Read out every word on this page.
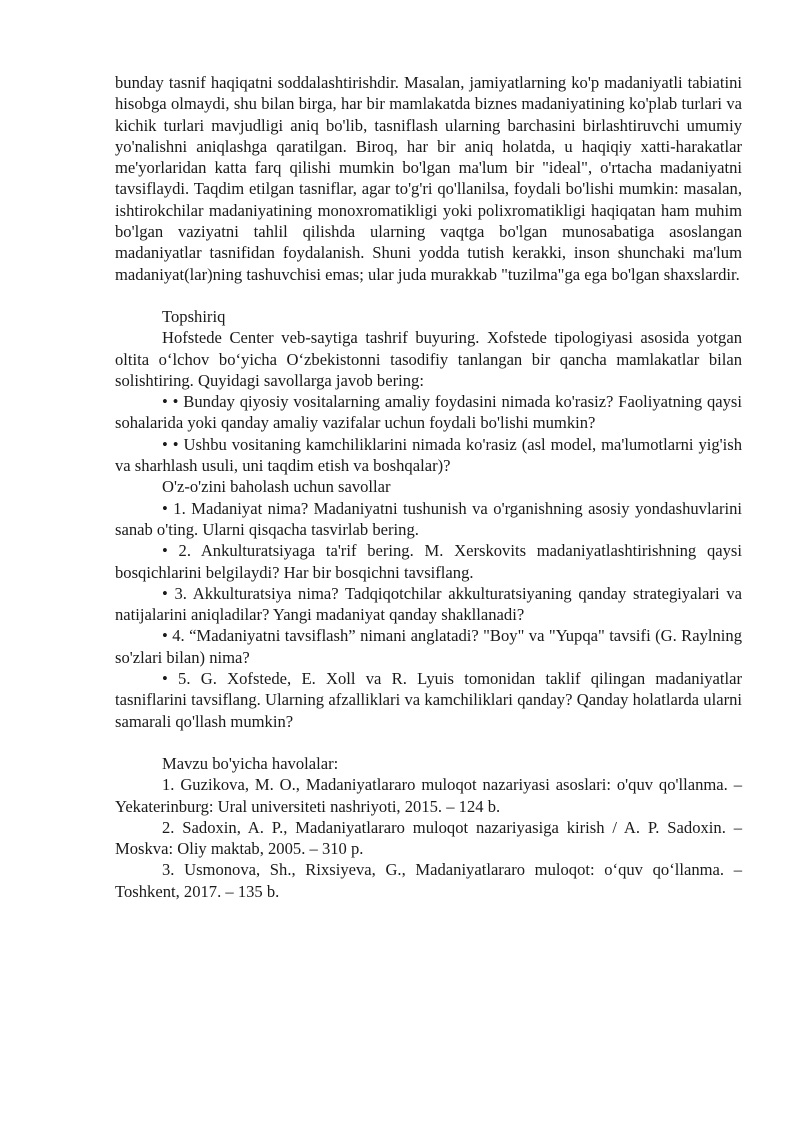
bunday tasnif haqiqatni soddalashtirishdir. Masalan, jamiyatlarning ko'p madaniyatli tabiatini hisobga olmaydi, shu bilan birga, har bir mamlakatda biznes madaniyatining ko'plab turlari va kichik turlari mavjudligi aniq bo'lib, tasniflash ularning barchasini birlashtiruvchi umumiy yo'nalishni aniqlashga qaratilgan. Biroq, har bir aniq holatda, u haqiqiy xatti-harakatlar me'yorlaridan katta farq qilishi mumkin bo'lgan ma'lum bir "ideal", o'rtacha madaniyatni tavsiflaydi. Taqdim etilgan tasniflar, agar to'g'ri qo'llanilsa, foydali bo'lishi mumkin: masalan, ishtirokchilar madaniyatining monoxromatikligi yoki polixromatikligi haqiqatan ham muhim bo'lgan vaziyatni tahlil qilishda ularning vaqtga bo'lgan munosabatiga asoslangan madaniyatlar tasnifidan foydalanish. Shuni yodda tutish kerakki, inson shunchaki ma'lum madaniyat(lar)ning tashuvchisi emas; ular juda murakkab "tuzilma"ga ega bo'lgan shaxslardir.

Topshiriq

Hofstede Center veb-saytiga tashrif buyuring. Xofstede tipologiyasi asosida yotgan oltita o‘lchov bo‘yicha O‘zbekistonni tasodifiy tanlangan bir qancha mamlakatlar bilan solishtiring. Quyidagi savollarga javob bering:

• • Bunday qiyosiy vositalarning amaliy foydasini nimada ko'rasiz? Faoliyatning qaysi sohalarida yoki qanday amaliy vazifalar uchun foydali bo'lishi mumkin?

• • Ushbu vositaning kamchiliklarini nimada ko'rasiz (asl model, ma'lumotlarni yig'ish va sharhlash usuli, uni taqdim etish va boshqalar)?

O'z-o'zini baholash uchun savollar

• 1. Madaniyat nima? Madaniyatni tushunish va o'rganishning asosiy yondashuvlarini sanab o'ting. Ularni qisqacha tasvirlab bering.

• 2. Ankulturatsiyaga ta'rif bering. M. Xerskovits madaniyatlashtirishning qaysi bosqichlarini belgilaydi? Har bir bosqichni tavsiflang.

• 3. Akkulturatsiya nima? Tadqiqotchilar akkulturatsiyaning qanday strategiyalari va natijalarini aniqladilar? Yangi madaniyat qanday shakllanadi?

• 4. “Madaniyatni tavsiflash” nimani anglatadi? "Boy" va "Yupqa" tavsifi (G. Raylning so'zlari bilan) nima?

• 5. G. Xofstede, E. Xoll va R. Lyuis tomonidan taklif qilingan madaniyatlar tasniflarini tavsiflang. Ularning afzalliklari va kamchiliklari qanday? Qanday holatlarda ularni samarali qo'llash mumkin?

Mavzu bo'yicha havolalar:

1. Guzikova, M. O., Madaniyatlararo muloqot nazariyasi asoslari: o'quv qo'llanma. – Yekaterinburg: Ural universiteti nashriyoti, 2015. – 124 b.

2. Sadoxin, A. P., Madaniyatlararo muloqot nazariyasiga kirish / A. P. Sadoxin. – Moskva: Oliy maktab, 2005. – 310 p.

3. Usmonova, Sh., Rixsiyeva, G., Madaniyatlararo muloqot: o‘quv qo‘llanma. – Toshkent, 2017. – 135 b.
